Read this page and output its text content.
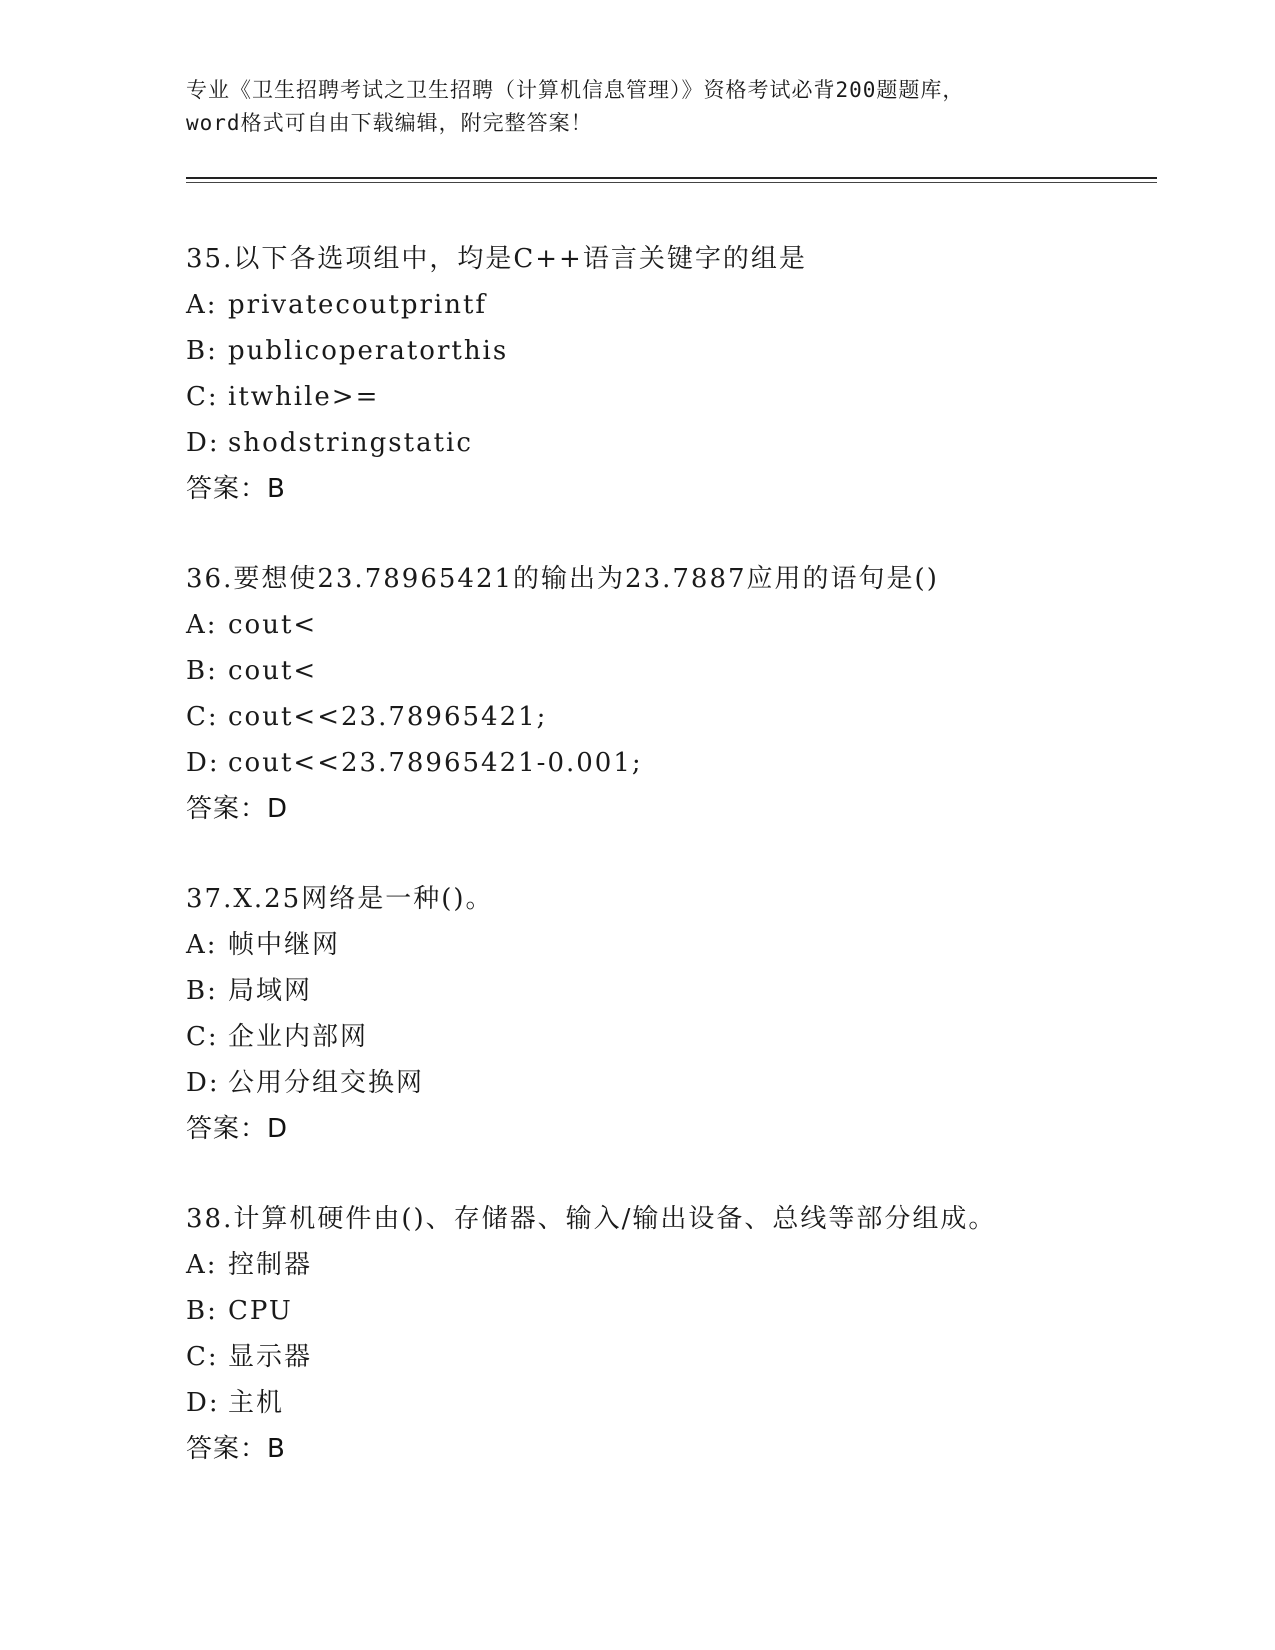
专业《卫生招聘考试之卫生招聘（计算机信息管理）》资格考试必背200题题库，
word格式可自由下载编辑，附完整答案！
35.以下各选项组中，均是C++语言关键字的组是
A: privatecoutprintf
B: publicoperatorthis
C: itwhile>=
D: shodstringstatic
答案：B
36.要想使23.78965421的输出为23.7887应用的语句是()
A: cout<
B: cout<
C: cout<<23.78965421;
D: cout<<23.78965421-0.001;
答案：D
37.X.25网络是一种()。
A: 帧中继网
B: 局域网
C: 企业内部网
D: 公用分组交换网
答案：D
38.计算机硬件由()、存储器、输入/输出设备、总线等部分组成。
A: 控制器
B: CPU
C: 显示器
D: 主机
答案：B
